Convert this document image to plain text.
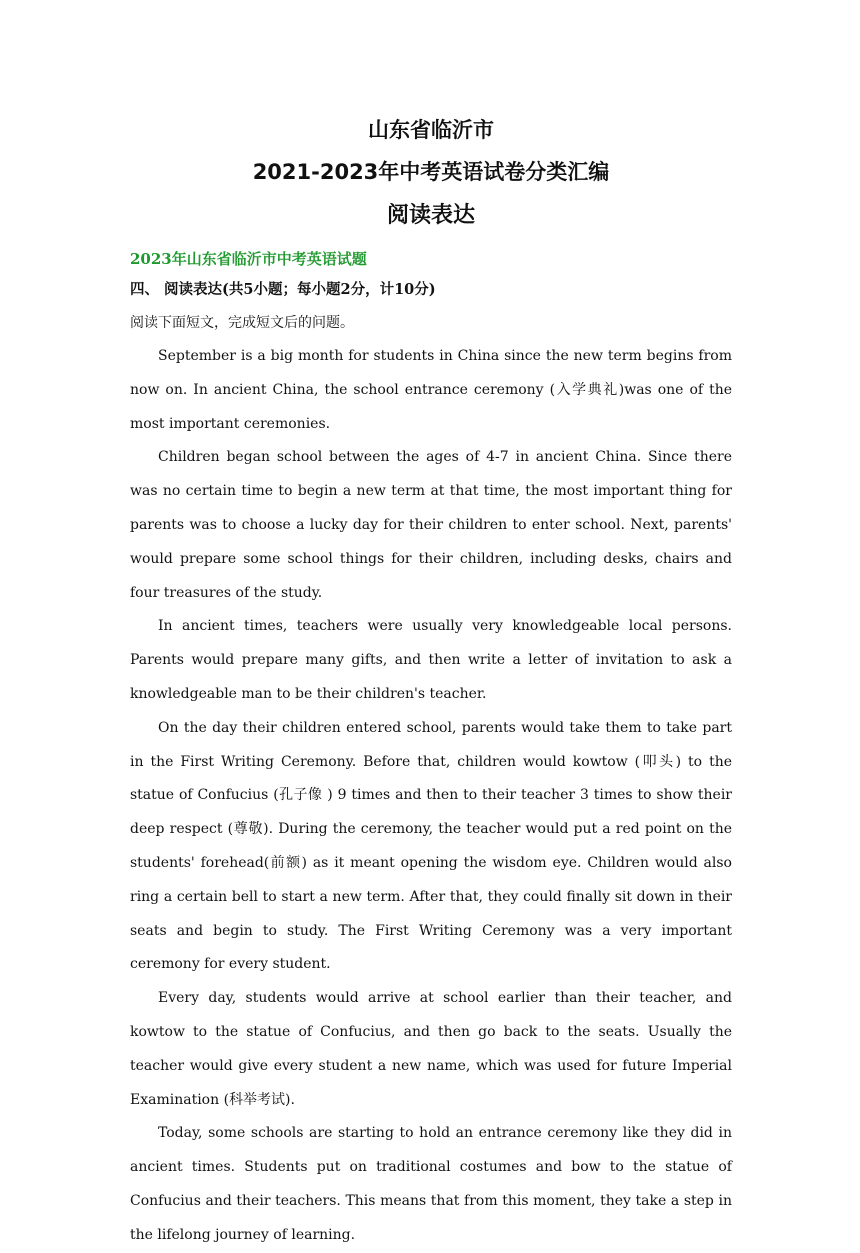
山东省临沂市
2021-2023年中考英语试卷分类汇编
阅读表达

2023年山东省临沂市中考英语试题

四、 阅读表达(共5小题；每小题2分，计10分)

阅读下面短文，完成短文后的问题。

September is a big month for students in China since the new term begins from now on. In ancient China, the school entrance ceremony (入学典礼)was one of the most important ceremonies.

Children began school between the ages of 4-7 in ancient China. Since there was no certain time to begin a new term at that time, the most important thing for parents was to choose a lucky day for their children to enter school. Next, parents' would prepare some school things for their children, including desks, chairs and four treasures of the study.

In ancient times, teachers were usually very knowledgeable local persons. Parents would prepare many gifts, and then write a letter of invitation to ask a knowledgeable man to be their children's teacher.

On the day their children entered school, parents would take them to take part in the First Writing Ceremony. Before that, children would kowtow (叩头) to the statue of Confucius (孔子像 ) 9 times and then to their teacher 3 times to show their deep respect (尊敬). During the ceremony, the teacher would put a red point on the students' forehead(前额) as it meant opening the wisdom eye. Children would also ring a certain bell to start a new term. After that, they could finally sit down in their seats and begin to study. The First Writing Ceremony was a very important ceremony for every student.

Every day, students would arrive at school earlier than their teacher, and kowtow to the statue of Confucius, and then go back to the seats. Usually the teacher would give every student a new name, which was used for future Imperial Examination (科举考试).

Today, some schools are starting to hold an entrance ceremony like they did in ancient times. Students put on traditional costumes and bow to the statue of Confucius and their teachers. This means that from this moment, they take a step in the lifelong journey of learning.
